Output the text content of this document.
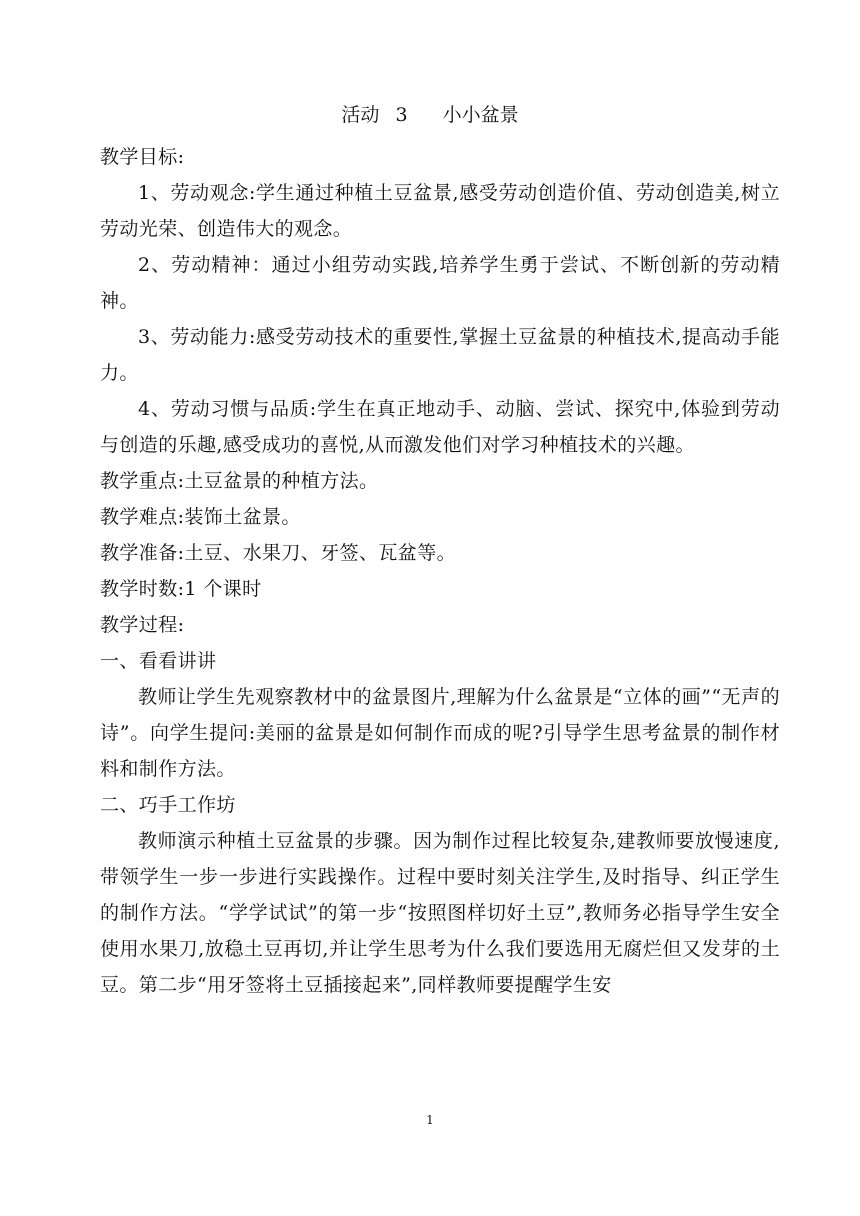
活动 3　 小小盆景

教学目标:

1、劳动观念:学生通过种植土豆盆景,感受劳动创造价值、劳动创造美,树立劳动光荣、创造伟大的观念。

2、劳动精神：通过小组劳动实践,培养学生勇于尝试、不断创新的劳动精神。

3、劳动能力:感受劳动技术的重要性,掌握土豆盆景的种植技术,提高动手能力。

4、劳动习惯与品质:学生在真正地动手、动脑、尝试、探究中,体验到劳动与创造的乐趣,感受成功的喜悦,从而激发他们对学习种植技术的兴趣。

教学重点:土豆盆景的种植方法。

教学难点:装饰土盆景。

教学准备:土豆、水果刀、牙签、瓦盆等。

教学时数:1 个课时

教学过程:

一、看看讲讲

教师让学生先观察教材中的盆景图片,理解为什么盆景是“立体的画”“无声的诗”。向学生提问:美丽的盆景是如何制作而成的呢?引导学生思考盆景的制作材料和制作方法。

二、巧手工作坊

教师演示种植土豆盆景的步骤。因为制作过程比较复杂,建教师要放慢速度,带领学生一步一步进行实践操作。过程中要时刻关注学生,及时指导、纠正学生的制作方法。“学学试试”的第一步“按照图样切好土豆”,教师务必指导学生安全使用水果刀,放稳土豆再切,并让学生思考为什么我们要选用无腐烂但又发芽的土豆。第二步“用牙签将土豆插接起来”,同样教师要提醒学生安

1
